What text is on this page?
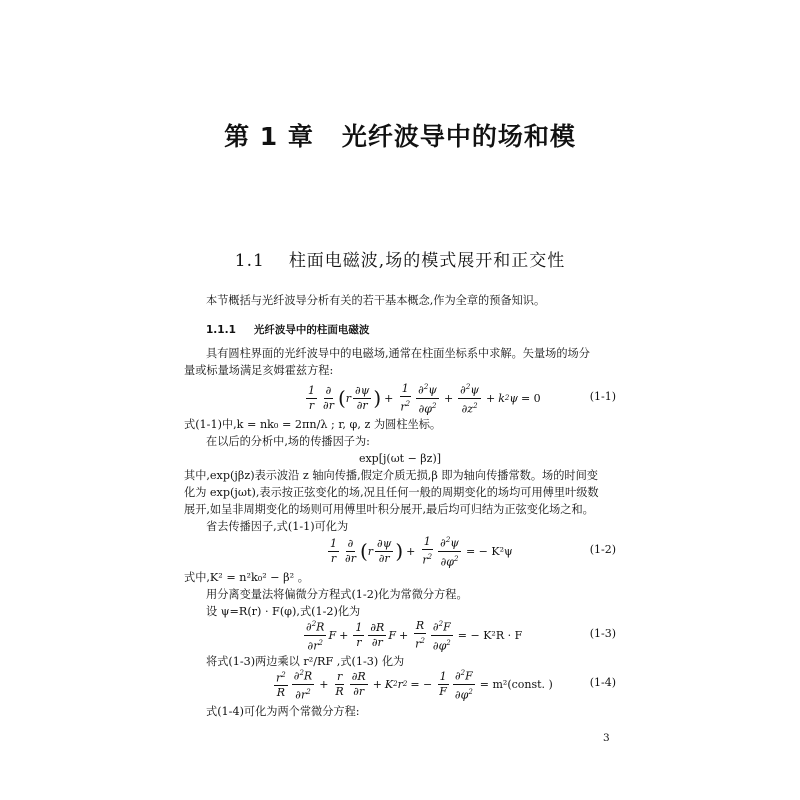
第 1 章 光纤波导中的场和模
1.1 柱面电磁波,场的模式展开和正交性
本节概括与光纤波导分析有关的若干基本概念,作为全章的预备知识。
1.1.1 光纤波导中的柱面电磁波
具有圆柱界面的光纤波导中的电磁场,通常在柱面坐标系中求解。矢量场的场分
量或标量场满足亥姆霍兹方程:
$\frac{1}{r} \frac{\partial}{\partial r}$ ( r $\frac{\partial\psi}{\partial r}$ ) + $\frac{1}{r^2} \frac{\partial^2\psi}{\partial\varphi^2} + \frac{\partial^2\psi}{\partial z^2} + k$ 2 ψ = 0	(1-1)
式(1-1)中,k = nk₀ = 2πn/λ ; r, φ, z 为圆柱坐标。
在以后的分析中,场的传播因子为:
exp[j(ωt − βz)]
其中,exp(jβz)表示波沿 z 轴向传播,假定介质无损,β 即为轴向传播常数。场的时间变
化为 exp(jωt),表示按正弦变化的场,况且任何一般的周期变化的场均可用傅里叶级数
展开,如呈非周期变化的场则可用傅里叶积分展开,最后均可归结为正弦变化场之和。
省去传播因子,式(1-1)可化为
$\frac{1}{r} \frac{\partial}{\partial r}$ ( r $\frac{\partial\psi}{\partial r}$ ) + $\frac{1}{r^2} \frac{\partial^2\psi}{\partial\varphi^2}$ = − K²ψ	(1-2)
式中,K² = n²k₀² − β² 。
用分离变量法将偏微分方程式(1-2)化为常微分方程。
设 ψ=R(r) · F(φ),式(1-2)化为
$\frac{\partial^2R}{\partial r^2}$ $F + \frac{1}{r} \frac{\partial R}{\partial r}$ $F + \frac{R}{r^2} \frac{\partial^2F}{\partial\varphi^2}$ = − K²R · F	(1-3)
将式(1-3)两边乘以 r²/RF ,式(1-3) 化为
$\frac{r^2}{R} \frac{\partial^2R}{\partial r^2} + \frac{r}{R} \frac{\partial R}{\partial r} + K$ 2 r 2 = − $\frac{1}{F} \frac{\partial^2F}{\partial\varphi^2}$ = m²(const. )	(1-4)
式(1-4)可化为两个常微分方程:
3
